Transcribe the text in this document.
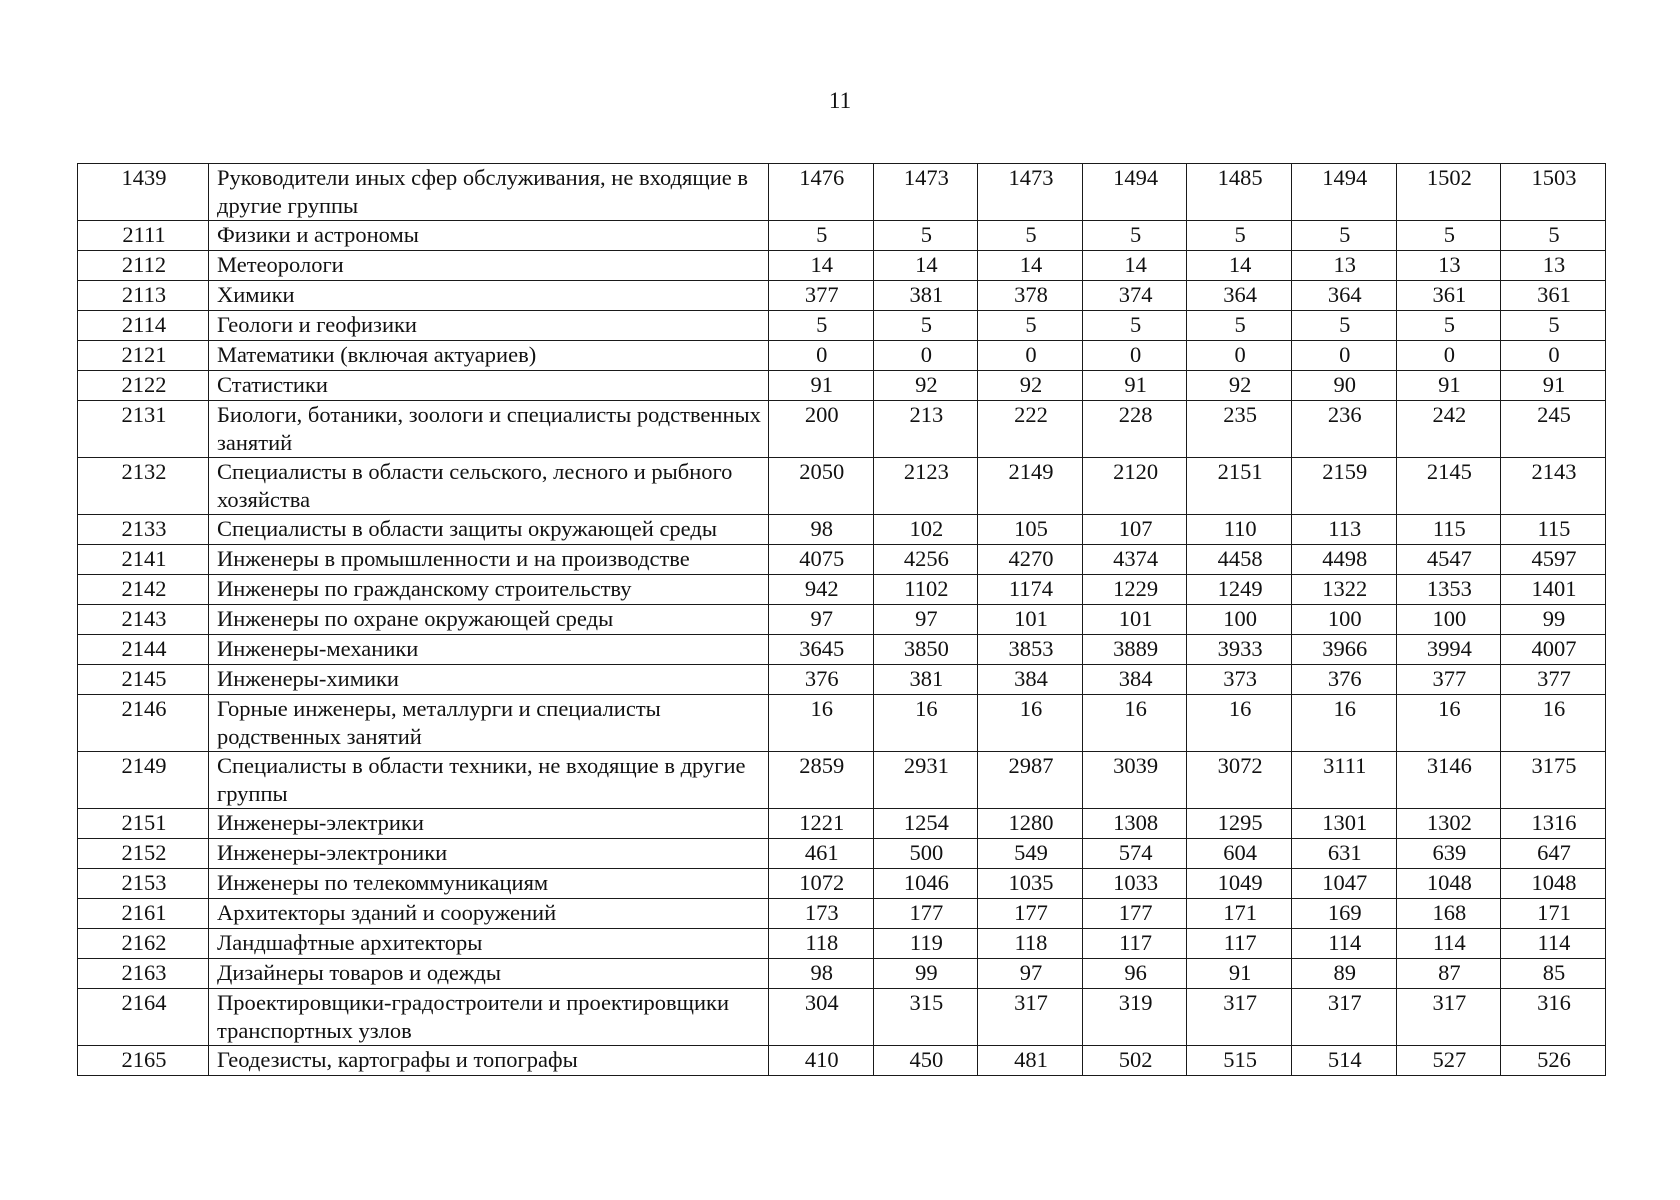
11
1439	Руководители иных сфер обслуживания, не входящие в другие группы	1476	1473	1473	1494	1485	1494	1502	1503
2111	Физики и астрономы	5	5	5	5	5	5	5	5
2112	Метеорологи	14	14	14	14	14	13	13	13
2113	Химики	377	381	378	374	364	364	361	361
2114	Геологи и геофизики	5	5	5	5	5	5	5	5
2121	Математики (включая актуариев)	0	0	0	0	0	0	0	0
2122	Статистики	91	92	92	91	92	90	91	91
2131	Биологи, ботаники, зоологи и специалисты родственных занятий	200	213	222	228	235	236	242	245
2132	Специалисты в области сельского, лесного и рыбного хозяйства	2050	2123	2149	2120	2151	2159	2145	2143
2133	Специалисты в области защиты окружающей среды	98	102	105	107	110	113	115	115
2141	Инженеры в промышленности и на производстве	4075	4256	4270	4374	4458	4498	4547	4597
2142	Инженеры по гражданскому строительству	942	1102	1174	1229	1249	1322	1353	1401
2143	Инженеры по охране окружающей среды	97	97	101	101	100	100	100	99
2144	Инженеры-механики	3645	3850	3853	3889	3933	3966	3994	4007
2145	Инженеры-химики	376	381	384	384	373	376	377	377
2146	Горные инженеры, металлурги и специалисты родственных занятий	16	16	16	16	16	16	16	16
2149	Специалисты в области техники, не входящие в другие группы	2859	2931	2987	3039	3072	3111	3146	3175
2151	Инженеры-электрики	1221	1254	1280	1308	1295	1301	1302	1316
2152	Инженеры-электроники	461	500	549	574	604	631	639	647
2153	Инженеры по телекоммуникациям	1072	1046	1035	1033	1049	1047	1048	1048
2161	Архитекторы зданий и сооружений	173	177	177	177	171	169	168	171
2162	Ландшафтные архитекторы	118	119	118	117	117	114	114	114
2163	Дизайнеры товаров и одежды	98	99	97	96	91	89	87	85
2164	Проектировщики-градостроители и проектировщики транспортных узлов	304	315	317	319	317	317	317	316
2165	Геодезисты, картографы и топографы	410	450	481	502	515	514	527	526
